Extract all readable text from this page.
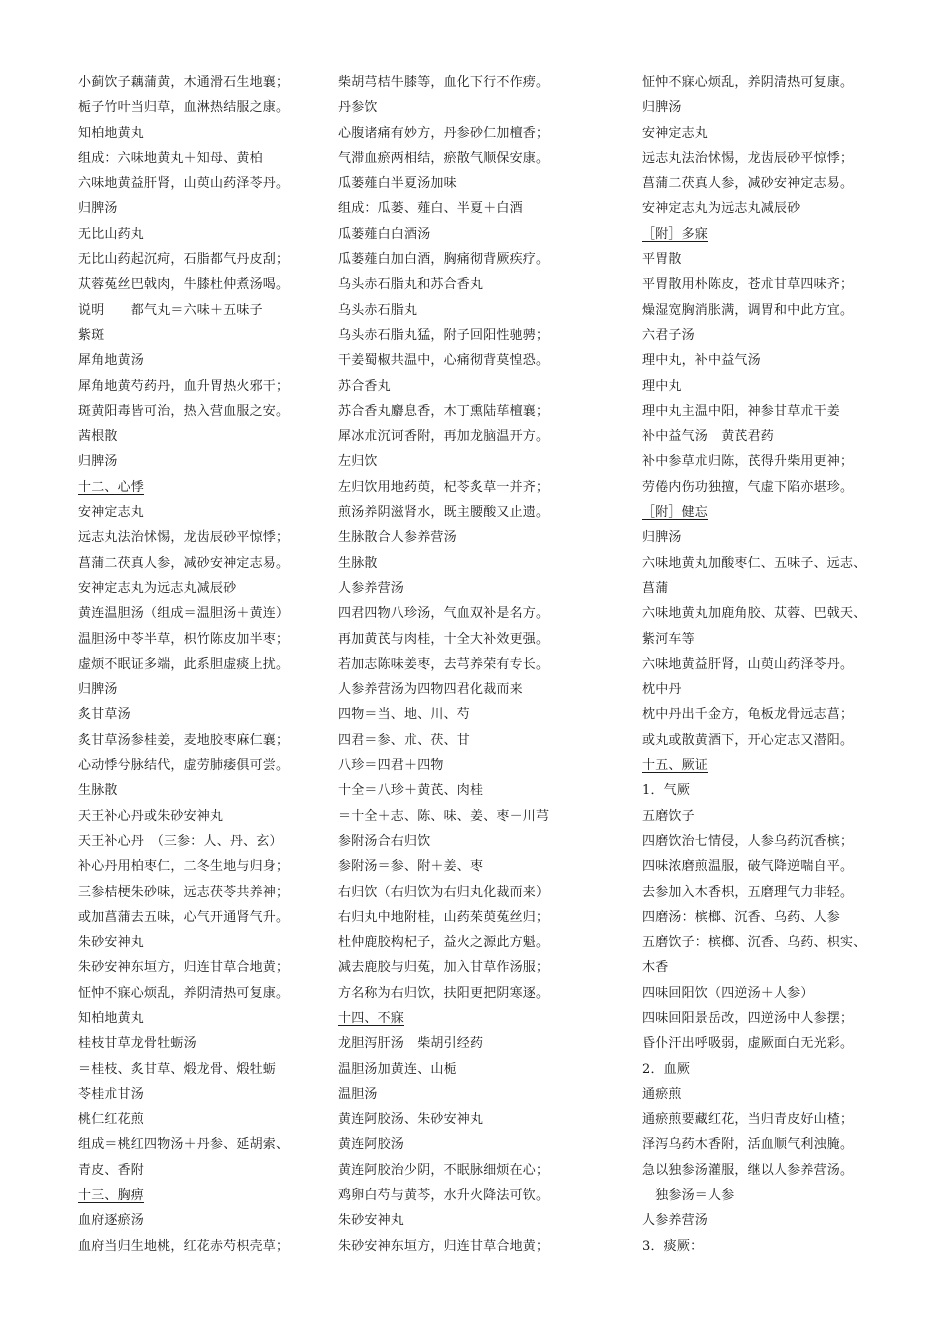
小蓟饮子藕蒲黄，木通滑石生地襄；
栀子竹叶当归草，血淋热结服之康。
知柏地黄丸
组成：六味地黄丸＋知母、黄柏
六味地黄益肝肾，山萸山药泽苓丹。
归脾汤
无比山药丸
无比山药起沉疴，石脂都气丹皮刮；
苁蓉菟丝巴戟肉，牛膝杜仲煮汤喝。
说明　　都气丸＝六味＋五味子
紫斑
犀角地黄汤
犀角地黄芍药丹，血升胃热火邪干；
斑黄阳毒皆可治，热入营血服之安。
茜根散
归脾汤
十二、心悸
安神定志丸
远志丸法治怵惕，龙齿辰砂平惊悸；
菖蒲二茯真人参，减砂安神定志易。
安神定志丸为远志丸减辰砂
黄连温胆汤（组成＝温胆汤＋黄连）
温胆汤中苓半草，枳竹陈皮加半枣；
虚烦不眠证多端，此系胆虚痰上扰。
归脾汤
炙甘草汤
炙甘草汤参桂姜，麦地胶枣麻仁襄；
心动悸兮脉结代，虚劳肺痿俱可尝。
生脉散
天王补心丹或朱砂安神丸
天王补心丹　（三参：人、丹、玄）
补心丹用柏枣仁，二冬生地与归身；
三参桔梗朱砂味，远志茯苓共养神；
或加菖蒲去五味，心气开通肾气升。
朱砂安神丸
朱砂安神东垣方，归连甘草合地黄；
怔忡不寐心烦乱，养阴清热可复康。
知柏地黄丸
桂枝甘草龙骨牡蛎汤
＝桂枝、炙甘草、煅龙骨、煅牡蛎
苓桂朮甘汤
桃仁红花煎
组成＝桃红四物汤＋丹参、延胡索、
青皮、香附
十三、胸痹
血府逐瘀汤
血府当归生地桃，红花赤芍枳壳草；
柴胡芎桔牛膝等，血化下行不作痨。
丹参饮
心腹诸痛有妙方，丹参砂仁加檀香；
气滞血瘀两相结，瘀散气顺保安康。
瓜蒌薤白半夏汤加味
组成：瓜蒌、薤白、半夏＋白酒
瓜蒌薤白白酒汤
瓜蒌薤白加白酒，胸痛彻背厥疾疗。
乌头赤石脂丸和苏合香丸
乌头赤石脂丸
乌头赤石脂丸猛，附子回阳性驰骋；
干姜蜀椒共温中，心痛彻背莫惶恐。
苏合香丸
苏合香丸麝息香，木丁熏陆荜檀襄；
犀冰朮沉诃香附，再加龙脑温开方。
左归饮
左归饮用地药萸，杞苓炙草一并齐；
煎汤养阴滋肾水，既主腰酸又止遗。
生脉散合人参养营汤
生脉散
人参养营汤
四君四物八珍汤，气血双补是名方。
再加黄芪与肉桂，十全大补效更强。
若加志陈味姜枣，去芎养荣有专长。
人参养营汤为四物四君化裁而来
四物＝当、地、川、芍
四君＝参、朮、茯、甘
八珍＝四君＋四物
十全＝八珍＋黄芪、肉桂
＝十全＋志、陈、味、姜、枣－川芎
参附汤合右归饮
参附汤＝参、附＋姜、枣
右归饮（右归饮为右归丸化裁而来）
右归丸中地附桂，山药茱萸菟丝归；
杜仲鹿胶构杞子，益火之源此方魁。
减去鹿胶与归菟，加入甘草作汤服；
方名称为右归饮，扶阳更把阴寒逐。
十四、不寐
龙胆泻肝汤　柴胡引经药
温胆汤加黄连、山栀
温胆汤
黄连阿胶汤、朱砂安神丸
黄连阿胶汤
黄连阿胶治少阴，不眠脉细烦在心；
鸡卵白芍与黄芩，水升火降法可钦。
朱砂安神丸
朱砂安神东垣方，归连甘草合地黄；
怔忡不寐心烦乱，养阴清热可复康。
归脾汤
安神定志丸
远志丸法治怵惕，龙齿辰砂平惊悸；
菖蒲二茯真人参，减砂安神定志易。
安神定志丸为远志丸减辰砂
［附］多寐
平胃散
平胃散用朴陈皮，苍朮甘草四味齐；
燥湿宽胸消胀满，调胃和中此方宜。
六君子汤
理中丸，补中益气汤
理中丸
理中丸主温中阳，神参甘草朮干姜
补中益气汤　黄芪君药
补中参草朮归陈，芪得升柴用更神；
劳倦内伤功独擅，气虚下陷亦堪珍。
［附］健忘
归脾汤
六味地黄丸加酸枣仁、五味子、远志、
菖蒲
六味地黄丸加鹿角胶、苁蓉、巴戟天、
紫河车等
六味地黄益肝肾，山萸山药泽苓丹。
枕中丹
枕中丹出千金方，龟板龙骨远志菖；
或丸或散黄酒下，开心定志又潜阳。
十五、厥证
1．气厥
五磨饮子
四磨饮治七情侵，人参乌药沉香槟；
四味浓磨煎温服，破气降逆喘自平。
去参加入木香枳，五磨理气力非轻。
四磨汤：槟榔、沉香、乌药、人参
五磨饮子：槟榔、沉香、乌药、枳实、
木香
四味回阳饮（四逆汤＋人参）
四味回阳景岳改，四逆汤中人参摆；
昏仆汗出呼吸弱，虚厥面白无光彩。
2．血厥
通瘀煎
通瘀煎要藏红花，当归青皮好山楂；
泽泻乌药木香附，活血顺气利浊腌。
急以独参汤灌服，继以人参养营汤。
　独参汤＝人参
人参养营汤
3．痰厥：
